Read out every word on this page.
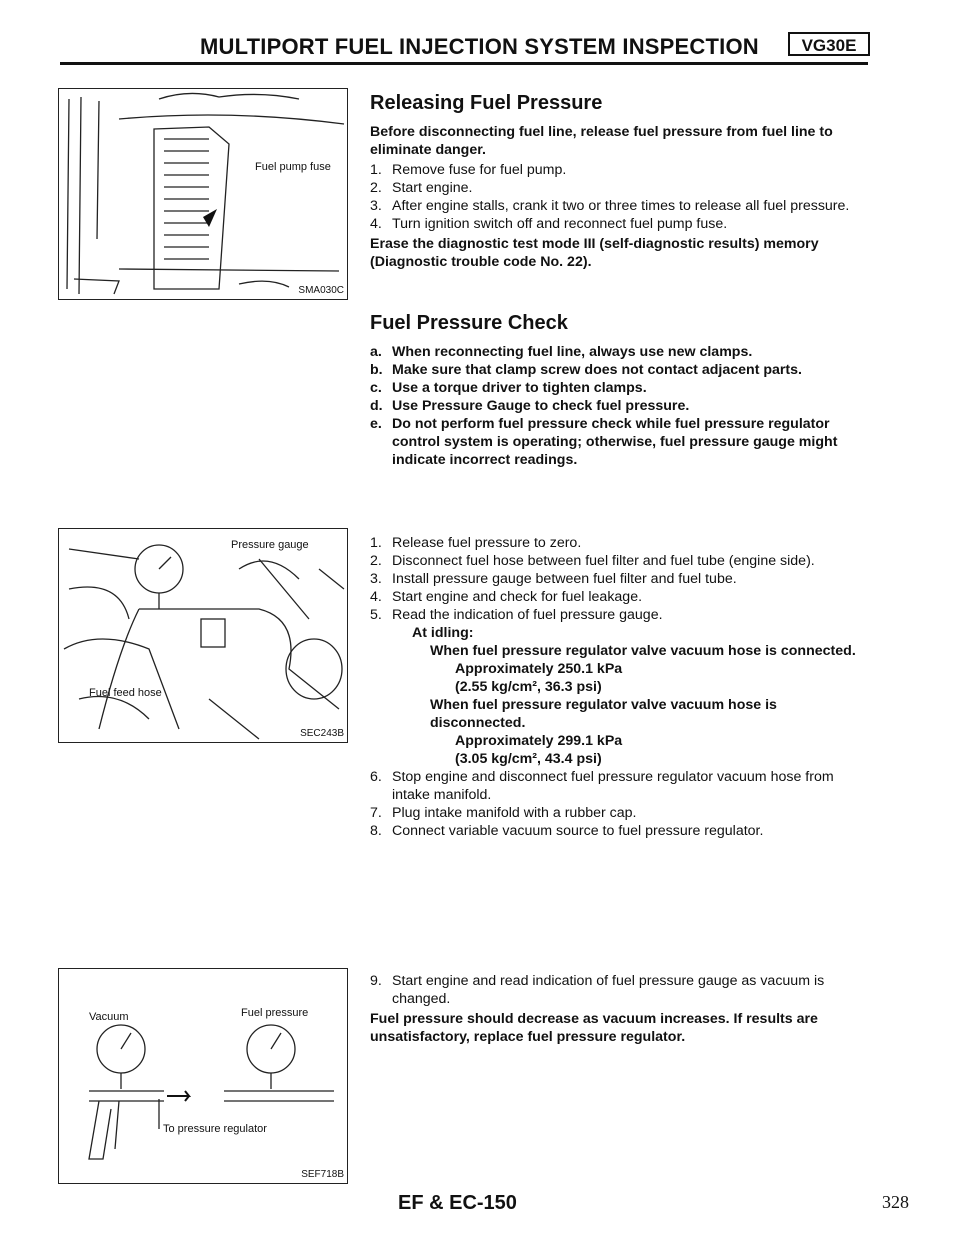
MULTIPORT FUEL INJECTION SYSTEM INSPECTION	VG30E
Fuel pump fuse
SMA030C
Pressure gauge
Fuel feed hose
SEC243B
Vacuum	Fuel pressure
To pressure regulator
SEF718B
Releasing Fuel Pressure

Before disconnecting fuel line, release fuel pressure from fuel line to eliminate danger.

1. Remove fuse for fuel pump.
2. Start engine.
3. After engine stalls, crank it two or three times to release all fuel pressure.
4. Turn ignition switch off and reconnect fuel pump fuse.

Erase the diagnostic test mode III (self-diagnostic results) memory (Diagnostic trouble code No. 22).

Fuel Pressure Check
a. When reconnecting fuel line, always use new clamps.
b. Make sure that clamp screw does not contact adjacent parts.
c. Use a torque driver to tighten clamps.
d. Use Pressure Gauge to check fuel pressure.
e. Do not perform fuel pressure check while fuel pressure regulator control system is operating; otherwise, fuel pressure gauge might indicate incorrect readings.
1. Release fuel pressure to zero.
2. Disconnect fuel hose between fuel filter and fuel tube (engine side).
3. Install pressure gauge between fuel filter and fuel tube.
4. Start engine and check for fuel leakage.
5. Read the indication of fuel pressure gauge.
At idling:
When fuel pressure regulator valve vacuum hose is connected.
Approximately 250.1 kPa
(2.55 kg/cm², 36.3 psi)
When fuel pressure regulator valve vacuum hose is disconnected.
Approximately 299.1 kPa
(3.05 kg/cm², 43.4 psi)
6. Stop engine and disconnect fuel pressure regulator vacuum hose from intake manifold.
7. Plug intake manifold with a rubber cap.
8. Connect variable vacuum source to fuel pressure regulator.
9. Start engine and read indication of fuel pressure gauge as vacuum is changed.

Fuel pressure should decrease as vacuum increases. If results are unsatisfactory, replace fuel pressure regulator.

EF & EC-150	328
